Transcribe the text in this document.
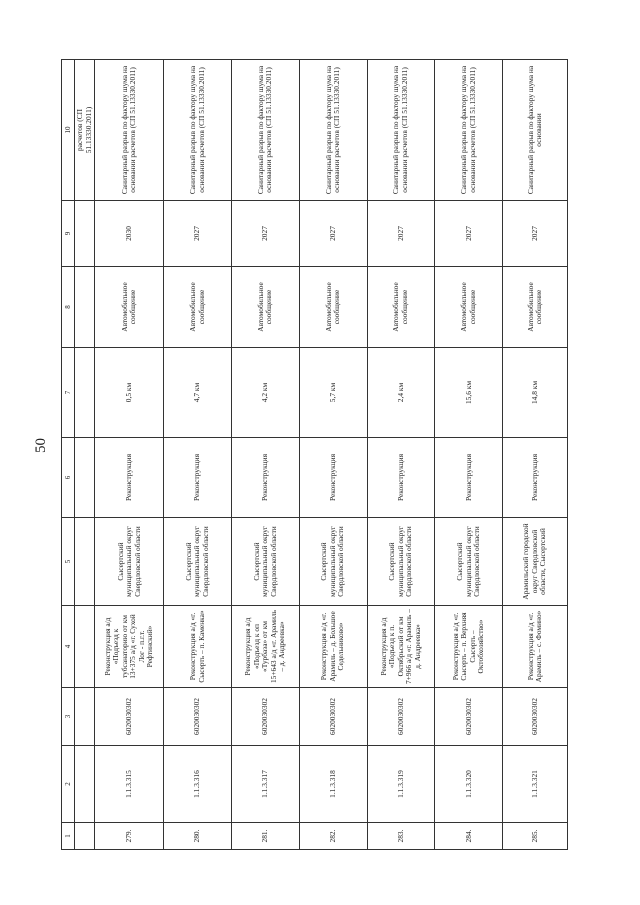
50
1	2	3	4	5	6	7	8	9	10

									расчетов (СП 51.13330.2011)

279.	1.1.3.315	6020030302	Реконструкция а/д «Подъезд к тубсанаторию от км 13+375 а/д «г. Сухой Лог - п.г.т. Рефтинский»	Сысертский муниципальный округ Свердловской области	Реконструкция	0,5 км	Автомобильное сообщение	2030	Санитарный разрыв по фактору шума на основании расчетов (СП 51.13330.2011)
280.	1.1.3.316	6020030302	Реконструкция а/д «г. Сысерть – п. Каменка»	Сысертский муниципальный округ Свердловской области	Реконструкция	4,7 км	Автомобильное сообщение	2027	Санитарный разрыв по фактору шума на основании расчетов (СП 51.13330.2011)
281.	1.1.3.317	6020030302	Реконструкция а/д «Подъезд к оп «Турбаза» от км 15+643 а/д «г. Арамиль – д. Андреевка»	Сысертский муниципальный округ Свердловской области	Реконструкция	4,2 км	Автомобильное сообщение	2027	Санитарный разрыв по фактору шума на основании расчетов (СП 51.13330.2011)
282.	1.1.3.318	6020030302	Реконструкция а/д «г. Арамиль – д. Большое Седельниково»	Сысертский муниципальный округ Свердловской области	Реконструкция	5,7 км	Автомобильное сообщение	2027	Санитарный разрыв по фактору шума на основании расчетов (СП 51.13330.2011)
283.	1.1.3.319	6020030302	Реконструкция а/д «Подъезд к п. Октябрьский от км 7+966 а/д «г. Арамиль – д. Андреевка»	Сысертский муниципальный округ Свердловской области	Реконструкция	2,4 км	Автомобильное сообщение	2027	Санитарный разрыв по фактору шума на основании расчетов (СП 51.13330.2011)
284.	1.1.3.320	6020030302	Реконструкция а/д «г. Сысерть – п. Верхняя Сысерть – Октобхозяйство»	Сысертский муниципальный округ Свердловской области	Реконструкция	15,6 км	Автомобильное сообщение	2027	Санитарный разрыв по фактору шума на основании расчетов (СП 51.13330.2011)
285.	1.1.3.321	6020030302	Реконструкция а/д «г. Арамиль – с. Фомино»	Арамильский городской округ Свердловской области, Сысертский	Реконструкция	14,8 км	Автомобильное сообщение	2027	Санитарный разрыв по фактору шума на основании
